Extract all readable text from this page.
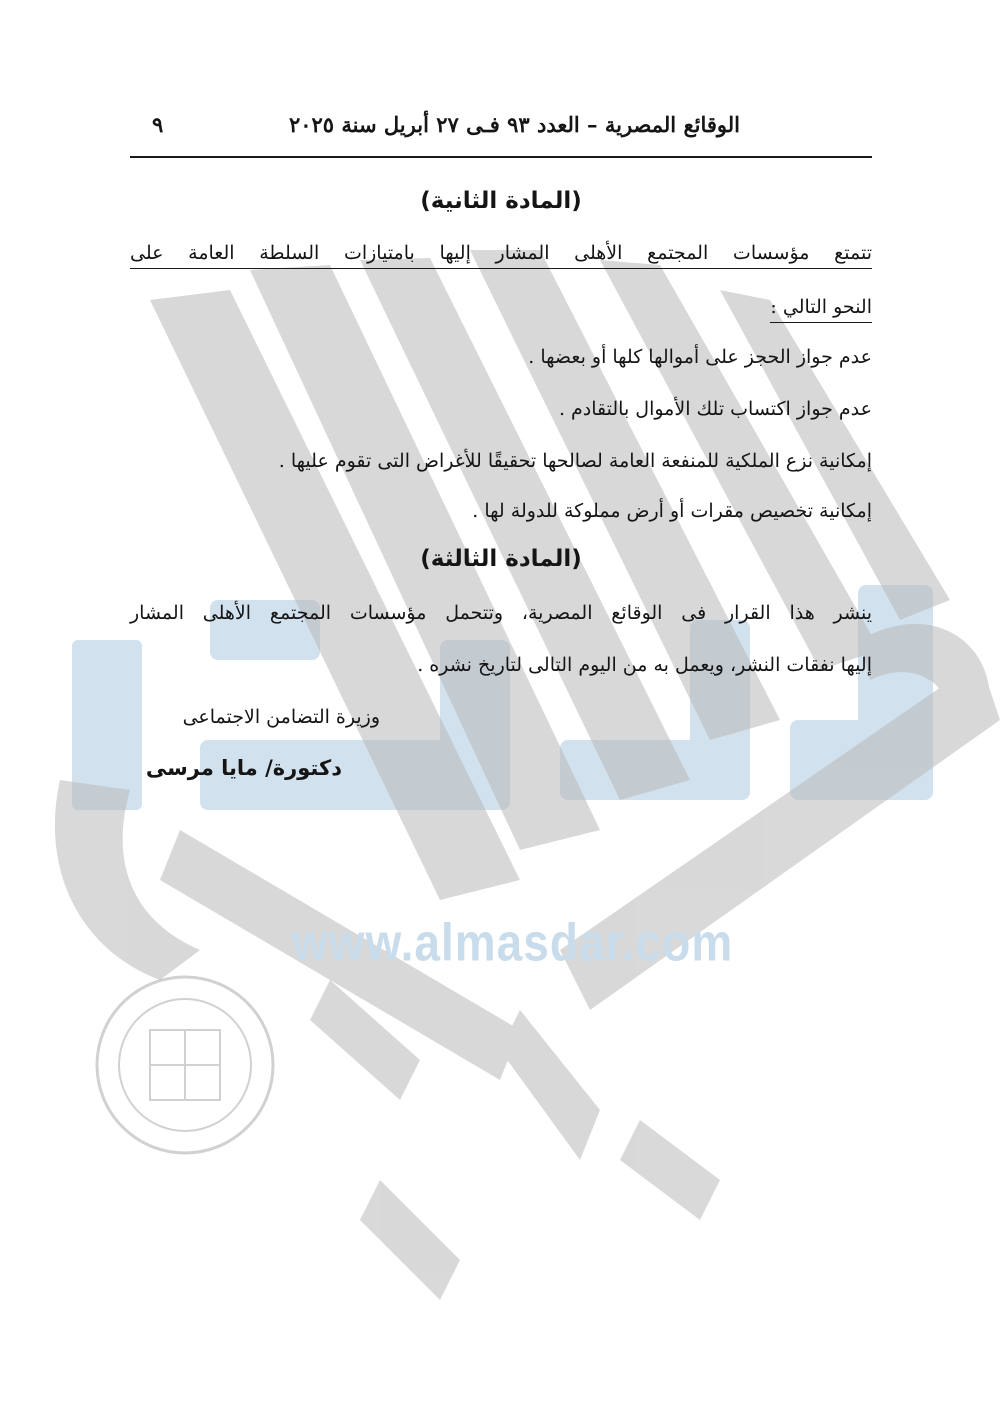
www.almasdar.com
الوقائع المصرية – العدد ٩٣ فـى ٢٧ أبريل سنة ٢٠٢٥
٩
(المادة الثانية)
تتمتع مؤسسات المجتمع الأهلى المشار إليها بامتيازات السلطة العامة على
النحو التالي :
عدم جواز الحجز على أموالها كلها أو بعضها .
عدم جواز اكتساب تلك الأموال بالتقادم .
إمكانية نزع الملكية للمنفعة العامة لصالحها تحقيقًا للأغراض التى تقوم عليها .
إمكانية تخصيص مقرات أو أرض مملوكة للدولة لها .
(المادة الثالثة)
ينشر هذا القرار فى الوقائع المصرية، وتتحمل مؤسسات المجتمع الأهلى المشار
إليها نفقات النشر، ويعمل به من اليوم التالى لتاريخ نشره .
وزيرة التضامن الاجتماعى
دكتورة/ مايا مرسى
